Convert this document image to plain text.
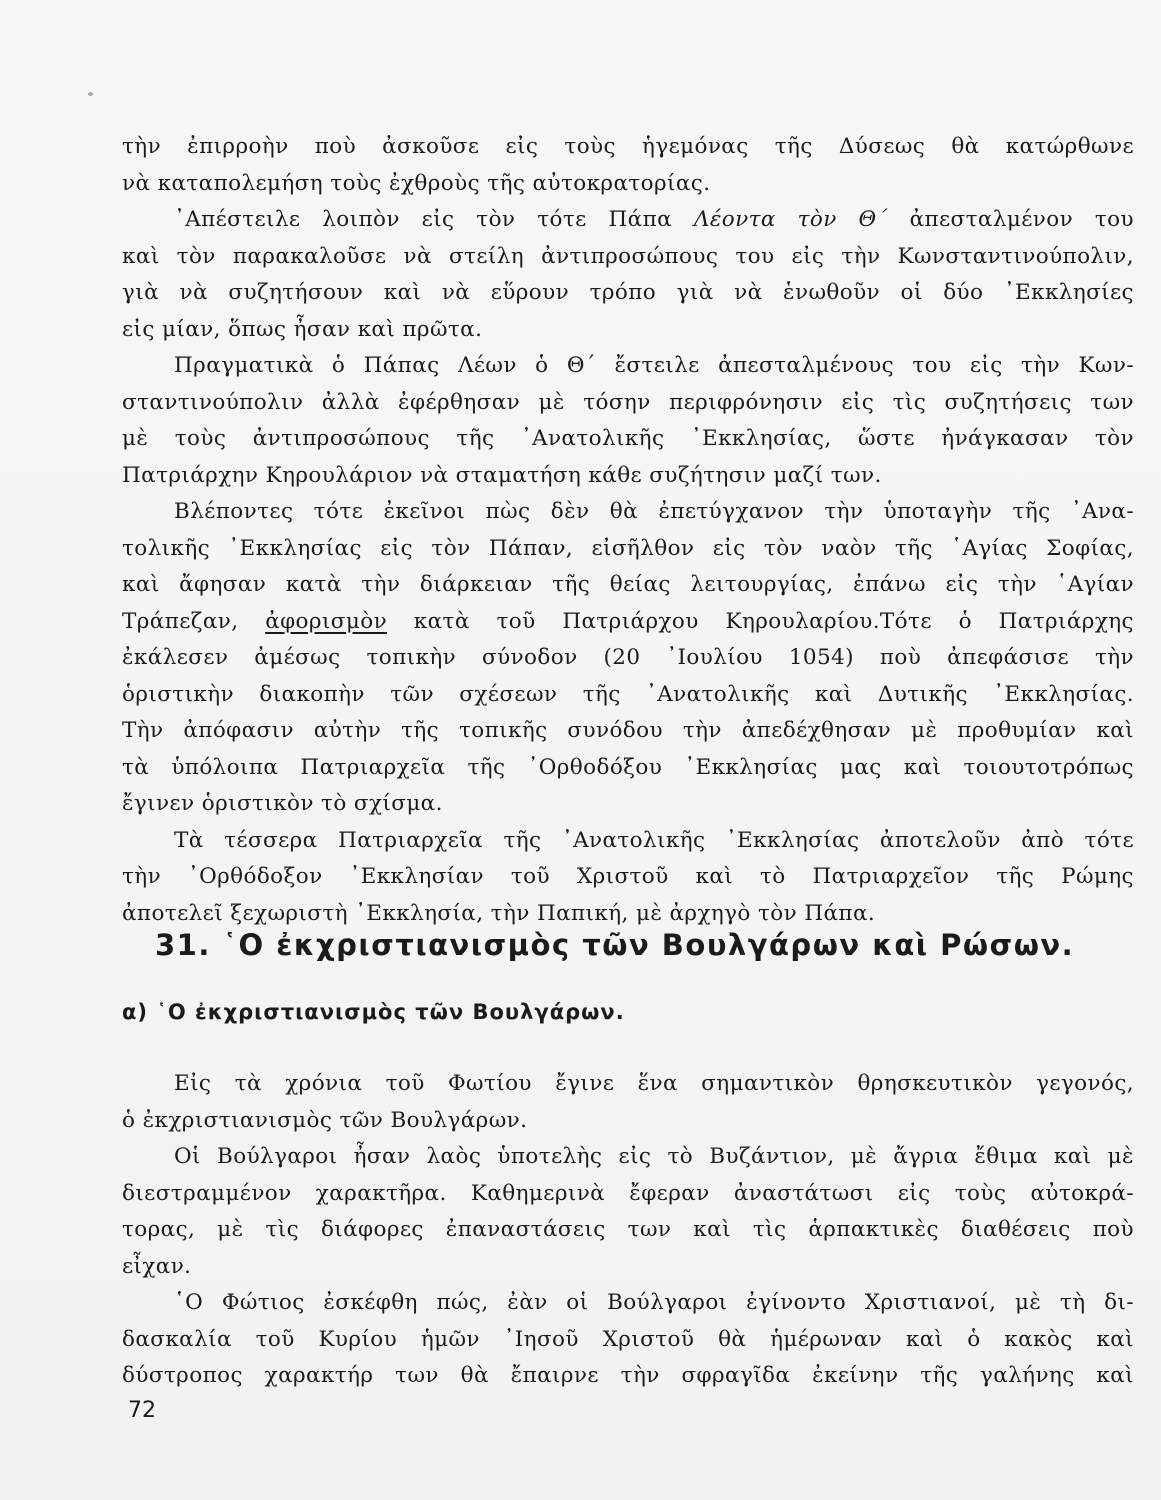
τὴν ἐπιρροὴν ποὺ ἀσκοῦσε εἰς τοὺς ἡγεμόνας τῆς Δύσεως θὰ κατώρθωνε
νὰ καταπολεμήση τοὺς ἐχθροὺς τῆς αὐτοκρατορίας.

᾿Απέστειλε λοιπὸν εἰς τὸν τότε Πάπα Λέοντα τὸν Θ΄ ἀπεσταλμένον του
καὶ τὸν παρακαλοῦσε νὰ στείλη ἀντιπροσώπους του εἰς τὴν Κωνσταντινούπολιν,
γιὰ νὰ συζητήσουν καὶ νὰ εὕρουν τρόπο γιὰ νὰ ἑνωθοῦν οἱ δύο ᾿Εκκλησίες
εἰς μίαν, ὅπως ἦσαν καὶ πρῶτα.

Πραγματικὰ ὁ Πάπας Λέων ὁ Θ΄ ἔστειλε ἀπεσταλμένους του εἰς τὴν Κων-
σταντινούπολιν ἀλλὰ ἐφέρθησαν μὲ τόσην περιφρόνησιν εἰς τὶς συζητήσεις των
μὲ τοὺς ἀντιπροσώπους τῆς ᾿Ανατολικῆς ᾿Εκκλησίας, ὥστε ἠνάγκασαν τὸν
Πατριάρχην Κηρουλάριον νὰ σταματήση κάθε συζήτησιν μαζί των.

Βλέποντες τότε ἐκεῖνοι πὼς δὲν θὰ ἐπετύγχανον τὴν ὑποταγὴν τῆς ᾿Ανα-
τολικῆς ᾿Εκκλησίας εἰς τὸν Πάπαν, εἰσῆλθον εἰς τὸν ναὸν τῆς ῾Αγίας Σοφίας,
καὶ ἄφησαν κατὰ τὴν διάρκειαν τῆς θείας λειτουργίας, ἐπάνω εἰς τὴν ῾Αγίαν
Τράπεζαν, ἀφορισμὸν κατὰ τοῦ Πατριάρχου Κηρουλαρίου.Τότε ὁ Πατριάρχης
ἐκάλεσεν ἀμέσως τοπικὴν σύνοδον (20 ᾿Ιουλίου 1054) ποὺ ἀπεφάσισε τὴν
ὁριστικὴν διακοπὴν τῶν σχέσεων τῆς ᾿Ανατολικῆς καὶ Δυτικῆς ᾿Εκκλησίας.
Τὴν ἀπόφασιν αὐτὴν τῆς τοπικῆς συνόδου τὴν ἀπεδέχθησαν μὲ προθυμίαν καὶ
τὰ ὑπόλοιπα Πατριαρχεῖα τῆς ᾿Ορθοδόξου ᾿Εκκλησίας μας καὶ τοιουτοτρόπως
ἔγινεν ὁριστικὸν τὸ σχίσμα.

Τὰ τέσσερα Πατριαρχεῖα τῆς ᾿Ανατολικῆς ᾿Εκκλησίας ἀποτελοῦν ἀπὸ τότε
τὴν ᾿Ορθόδοξον ᾿Εκκλησίαν τοῦ Χριστοῦ καὶ τὸ Πατριαρχεῖον τῆς Ρώμης
ἀποτελεῖ ξεχωριστὴ ᾿Εκκλησία, τὴν Παπική, μὲ ἀρχηγὸ τὸν Πάπα.

31. ῾Ο ἐκχριστιανισμὸς τῶν Βουλγάρων καὶ Ρώσων.
α) ῾Ο ἐκχριστιανισμὸς τῶν Βουλγάρων.

Εἰς τὰ χρόνια τοῦ Φωτίου ἔγινε ἕνα σημαντικὸν θρησκευτικὸν γεγονός,
ὁ ἐκχριστιανισμὸς τῶν Βουλγάρων.

Οἱ Βούλγαροι ἦσαν λαὸς ὑποτελὴς εἰς τὸ Βυζάντιον, μὲ ἄγρια ἔθιμα καὶ μὲ
διεστραμμένον χαρακτῆρα. Καθημερινὰ ἔφεραν ἀναστάτωσι εἰς τοὺς αὐτοκρά-
τορας, μὲ τὶς διάφορες ἐπαναστάσεις των καὶ τὶς ἁρπακτικὲς διαθέσεις ποὺ
εἶχαν.

῾Ο Φώτιος ἐσκέφθη πώς, ἐὰν οἱ Βούλγαροι ἐγίνοντο Χριστιανοί, μὲ τὴ δι-
δασκαλία τοῦ Κυρίου ἡμῶν ᾿Ιησοῦ Χριστοῦ θὰ ἡμέρωναν καὶ ὁ κακὸς καὶ
δύστροπος χαρακτήρ των θὰ ἔπαιρνε τὴν σφραγῖδα ἐκείνην τῆς γαλήνης καὶ

72
